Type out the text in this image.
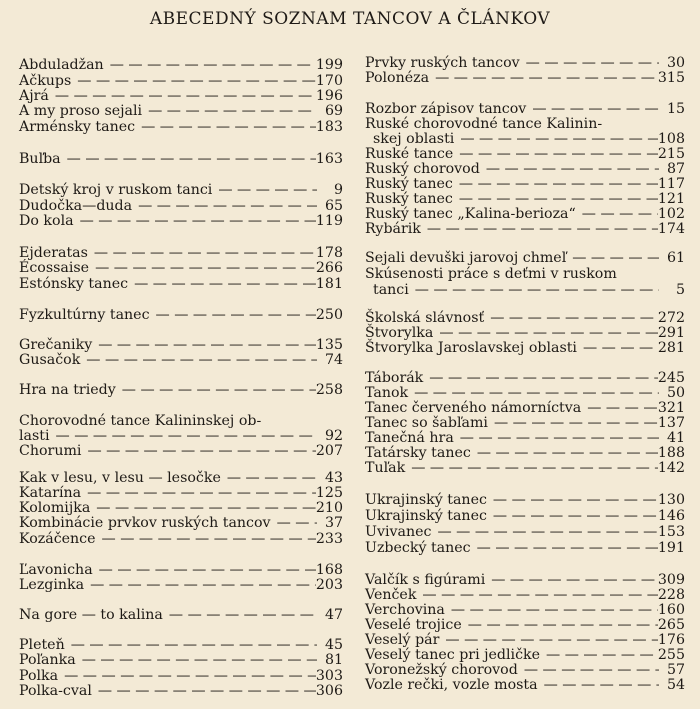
ABECEDNÝ SOZNAM TANCOV A ČLÁNKOV
Abduladžan — — —	199
Ačkups — — —	170
Ajrá — — —	196
A my proso sejali — — —	69
Arménsky tanec — — —	183
Buľba — — —	163
Detský kroj v ruskom tanci — — —	9
Dudočka—duda — — —	65
Do kola — — —	119
Ejderatas — — —	178
Écossaise — — —	266
Estónsky tanec — — —	181
Fyzkultúrny tanec — — —	250
Grečaniky — — —	135
Gusačok — — —	74
Hra na triedy — — —	258
Chorovodné tance Kalininskej ob-
lasti — — —	92
Chorumi — — —	207
Kak v lesu, v lesu — lesočke — — —	43
Katarína — — —	125
Kolomijka — — —	210
Kombinácie prvkov ruských tancov — — —	37
Kozáčence — — —	233
Ľavonicha — — —	168
Lezginka — — —	203
Na gore — to kalina — — —	47
Pleteň — — —	45
Poľanka — — —	81
Polka — — —	303
Polka-cval — — —	306
Prvky ruských tancov — — —	30
Polonéza — — —	315
Rozbor zápisov tancov — — —	15
Ruské chorovodné tance Kalinin-
skej oblasti — — —	108
Ruské tance — — —	215
Ruský chorovod — — —	87
Ruský tanec — — —	117
Ruský tanec — — —	121
Ruský tanec „Kalina-berioza“ — — —	102
Rybárik — — —	174
Sejali devuški jarovoj chmeľ — — —	61
Skúsenosti práce s deťmi v ruskom
tanci — — —	5
Školská slávnosť — — —	272
Štvorylka — — —	291
Štvorylka Jaroslavskej oblasti — — —	281
Táborák — — —	245
Tanok — — —	50
Tanec červeného námorníctva — — —	321
Tanec so šabľami — — —	137
Tanečná hra — — —	41
Tatársky tanec — — —	188
Tuľak — — —	142
Ukrajinský tanec — — —	130
Ukrajinský tanec — — —	146
Uvivanec — — —	153
Uzbecký tanec — — —	191
Valčík s figúrami — — —	309
Venček — — —	228
Verchovina — — —	160
Veselé trojice — — —	265
Veselý pár — — —	176
Veselý tanec pri jedličke — — —	255
Voronežský chorovod — — —	57
Vozle rečki, vozle mosta — — —	54
